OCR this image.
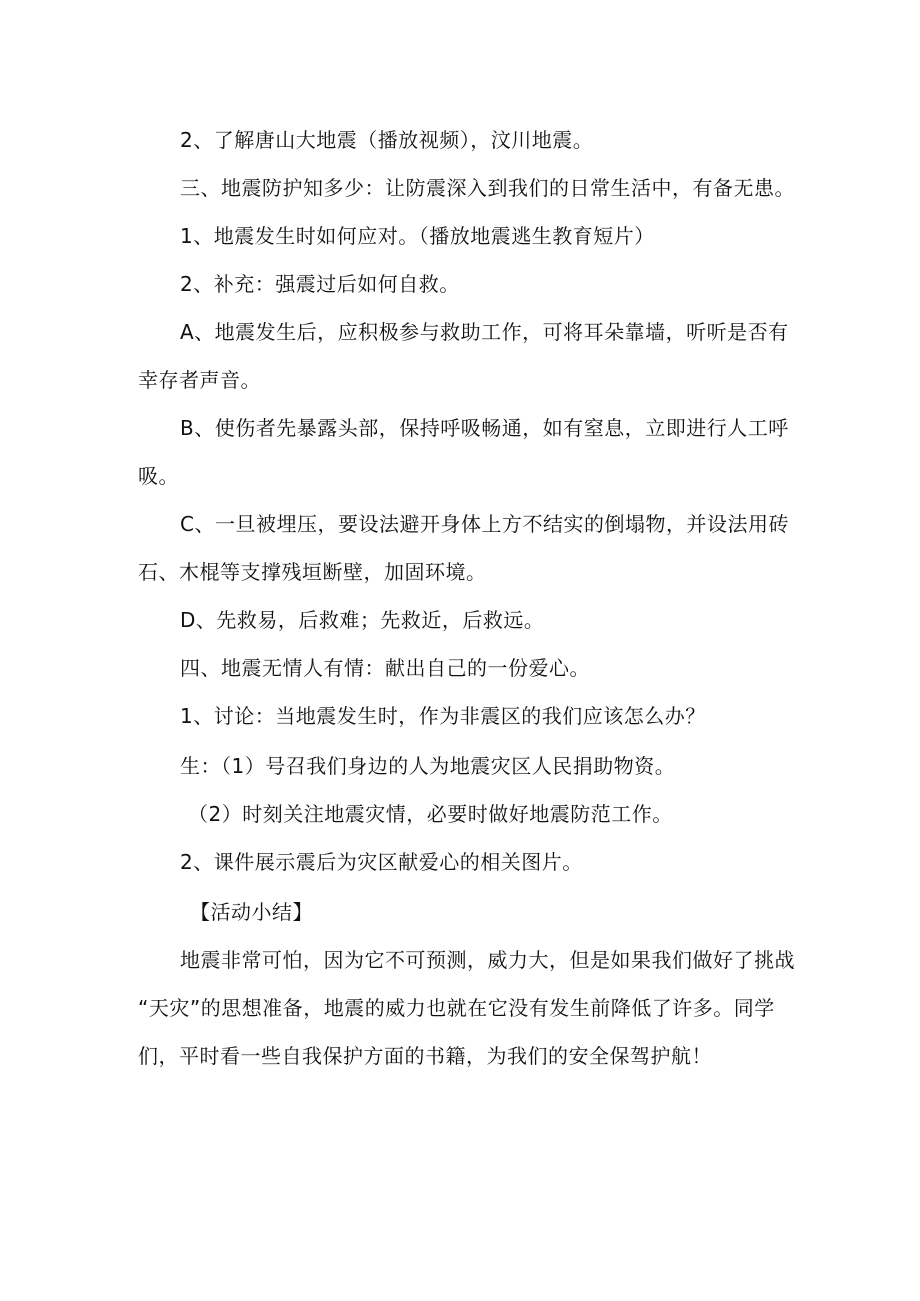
2、了解唐山大地震（播放视频），汶川地震。
三、地震防护知多少：让防震深入到我们的日常生活中，有备无患。
1、地震发生时如何应对。（播放地震逃生教育短片）
2、补充：强震过后如何自救。
A、地震发生后，应积极参与救助工作，可将耳朵靠墙，听听是否有
幸存者声音。
B、使伤者先暴露头部，保持呼吸畅通，如有窒息，立即进行人工呼
吸。
C、一旦被埋压，要设法避开身体上方不结实的倒塌物，并设法用砖
石、木棍等支撑残垣断壁，加固环境。
D、先救易，后救难；先救近，后救远。
四、地震无情人有情：献出自己的一份爱心。
1、讨论：当地震发生时，作为非震区的我们应该怎么办？
生：（1）号召我们身边的人为地震灾区人民捐助物资。
（2）时刻关注地震灾情，必要时做好地震防范工作。
2、课件展示震后为灾区献爱心的相关图片。
【活动小结】
地震非常可怕，因为它不可预测，威力大，但是如果我们做好了挑战
“天灾”的思想准备，地震的威力也就在它没有发生前降低了许多。同学
们，平时看一些自我保护方面的书籍，为我们的安全保驾护航！
